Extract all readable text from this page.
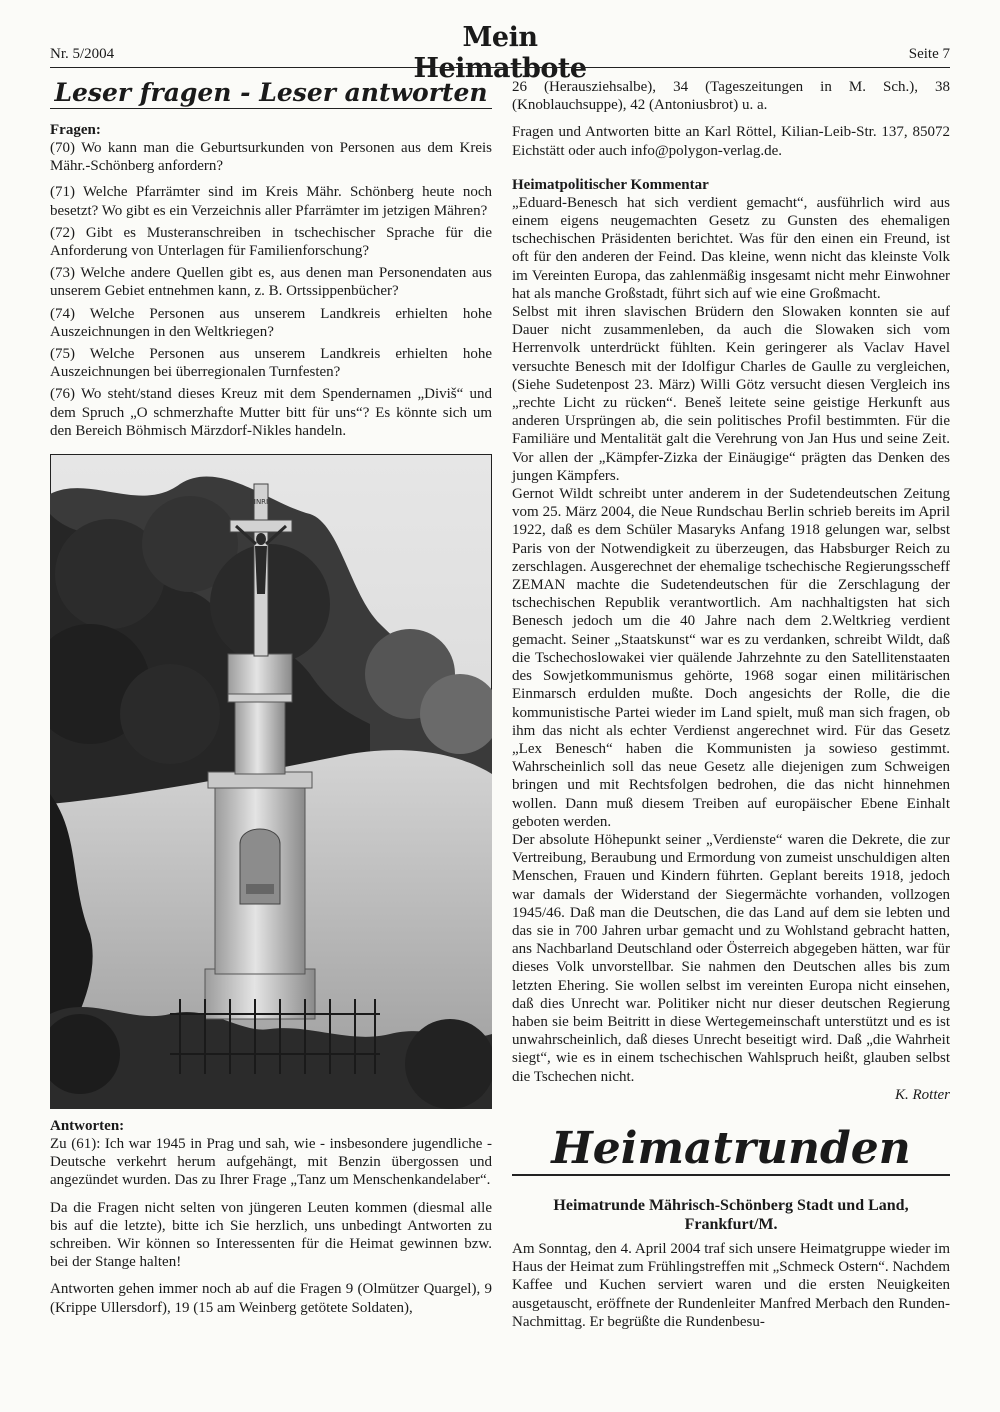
Nr. 5/2004
Mein Heimatbote	Seite 7
Leser fragen - Leser antworten
Fragen:

(70) Wo kann man die Geburtsurkunden von Personen aus dem Kreis Mähr.-Schönberg anfordern?

(71) Welche Pfarrämter sind im Kreis Mähr. Schönberg heute noch besetzt? Wo gibt es ein Verzeichnis aller Pfarrämter im jetzigen Mähren?

(72) Gibt es Musteranschreiben in tschechischer Sprache für die Anforderung von Unterlagen für Familienforschung?

(73) Welche andere Quellen gibt es, aus denen man Personendaten aus unserem Gebiet entnehmen kann, z. B. Ortssippenbücher?

(74) Welche Personen aus unserem Landkreis erhielten hohe Auszeichnungen in den Weltkriegen?

(75) Welche Personen aus unserem Landkreis erhielten hohe Auszeichnungen bei überregionalen Turnfesten?

(76) Wo steht/stand dieses Kreuz mit dem Spendernamen „Diviš“ und dem Spruch „O schmerzhafte Mutter bitt für uns“? Es könnte sich um den Bereich Böhmisch Märzdorf-Nikles handeln.

INRI
Antworten:

Zu (61): Ich war 1945 in Prag und sah, wie - insbesondere jugendliche - Deutsche verkehrt herum aufgehängt, mit Benzin übergossen und angezündet wurden. Das zu Ihrer Frage „Tanz um Menschenkandelaber“.

Da die Fragen nicht selten von jüngeren Leuten kommen (diesmal alle bis auf die letzte), bitte ich Sie herzlich, uns unbedingt Antworten zu schreiben. Wir können so Interessenten für die Heimat gewinnen bzw. bei der Stange halten!

Antworten gehen immer noch ab auf die Fragen 9 (Olmützer Quargel), 9 (Krippe Ullersdorf), 19 (15 am Weinberg getötete Soldaten),

26 (Herausziehsalbe), 34 (Tageszeitungen in M. Sch.), 38 (Knoblauchsuppe), 42 (Antoniusbrot) u. a.

Fragen und Antworten bitte an Karl Röttel, Kilian-Leib-Str. 137, 85072 Eichstätt oder auch info@polygon-verlag.de.

Heimatpolitischer Kommentar

„Eduard-Benesch hat sich verdient gemacht“, ausführlich wird aus einem eigens neugemachten Gesetz zu Gunsten des ehemaligen tschechischen Präsidenten berichtet. Was für den einen ein Freund, ist oft für den anderen der Feind. Das kleine, wenn nicht das kleinste Volk im Vereinten Europa, das zahlenmäßig insgesamt nicht mehr Einwohner hat als manche Großstadt, führt sich auf wie eine Großmacht.

Selbst mit ihren slavischen Brüdern den Slowaken konnten sie auf Dauer nicht zusammenleben, da auch die Slowaken sich vom Herrenvolk unterdrückt fühlten. Kein geringerer als Vaclav Havel versuchte Benesch mit der Idolfigur Charles de Gaulle zu vergleichen, (Siehe Sudetenpost 23. März) Willi Götz versucht diesen Vergleich ins „rechte Licht zu rücken“. Beneš leitete seine geistige Herkunft aus anderen Ursprüngen ab, die sein politisches Profil bestimmten. Für die Familiäre und Mentalität galt die Verehrung von Jan Hus und seine Zeit. Vor allen der „Kämpfer-Zizka der Einäugige“ prägten das Denken des jungen Kämpfers.

Gernot Wildt schreibt unter anderem in der Sudetendeutschen Zeitung vom 25. März 2004, die Neue Rundschau Berlin schrieb bereits im April 1922, daß es dem Schüler Masaryks Anfang 1918 gelungen war, selbst Paris von der Notwendigkeit zu überzeugen, das Habsburger Reich zu zerschlagen. Ausgerechnet der ehemalige tschechische Regierungsscheff ZEMAN machte die Sudetendeutschen für die Zerschlagung der tschechischen Republik verantwortlich. Am nachhaltigsten hat sich Benesch jedoch um die 40 Jahre nach dem 2.Weltkrieg verdient gemacht. Seiner „Staatskunst“ war es zu verdanken, schreibt Wildt, daß die Tschechoslowakei vier quälende Jahrzehnte zu den Satellitenstaaten des Sowjetkommunismus gehörte, 1968 sogar einen militärischen Einmarsch erdulden mußte. Doch angesichts der Rolle, die die kommunistische Partei wieder im Land spielt, muß man sich fragen, ob ihm das nicht als echter Verdienst angerechnet wird. Für das Gesetz „Lex Benesch“ haben die Kommunisten ja sowieso gestimmt. Wahrscheinlich soll das neue Gesetz alle diejenigen zum Schweigen bringen und mit Rechtsfolgen bedrohen, die das nicht hinnehmen wollen. Dann muß diesem Treiben auf europäischer Ebene Einhalt geboten werden.

Der absolute Höhepunkt seiner „Verdienste“ waren die Dekrete, die zur Vertreibung, Beraubung und Ermordung von zumeist unschuldigen alten Menschen, Frauen und Kindern führten. Geplant bereits 1918, jedoch war damals der Widerstand der Siegermächte vorhanden, vollzogen 1945/46. Daß man die Deutschen, die das Land auf dem sie lebten und das sie in 700 Jahren urbar gemacht und zu Wohlstand gebracht hatten, ans Nachbarland Deutschland oder Österreich abgegeben hätten, war für dieses Volk unvorstellbar. Sie nahmen den Deutschen alles bis zum letzten Ehering. Sie wollen selbst im vereinten Europa nicht einsehen, daß dies Unrecht war. Politiker nicht nur dieser deutschen Regierung haben sie beim Beitritt in diese Wertegemeinschaft unterstützt und es ist unwahrscheinlich, daß dieses Unrecht beseitigt wird. Daß „die Wahrheit siegt“, wie es in einem tschechischen Wahlspruch heißt, glauben selbst die Tschechen nicht.

K. Rotter

Heimatrunden
Heimatrunde Mährisch-Schönberg Stadt und Land, Frankfurt/M.

Am Sonntag, den 4. April 2004 traf sich unsere Heimatgruppe wieder im Haus der Heimat zum Frühlingstreffen mit „Schmeck Ostern“. Nachdem Kaffee und Kuchen serviert waren und die ersten Neuigkeiten ausgetauscht, eröffnete der Rundenleiter Manfred Merbach den Runden-Nachmittag. Er begrüßte die Rundenbesu-
